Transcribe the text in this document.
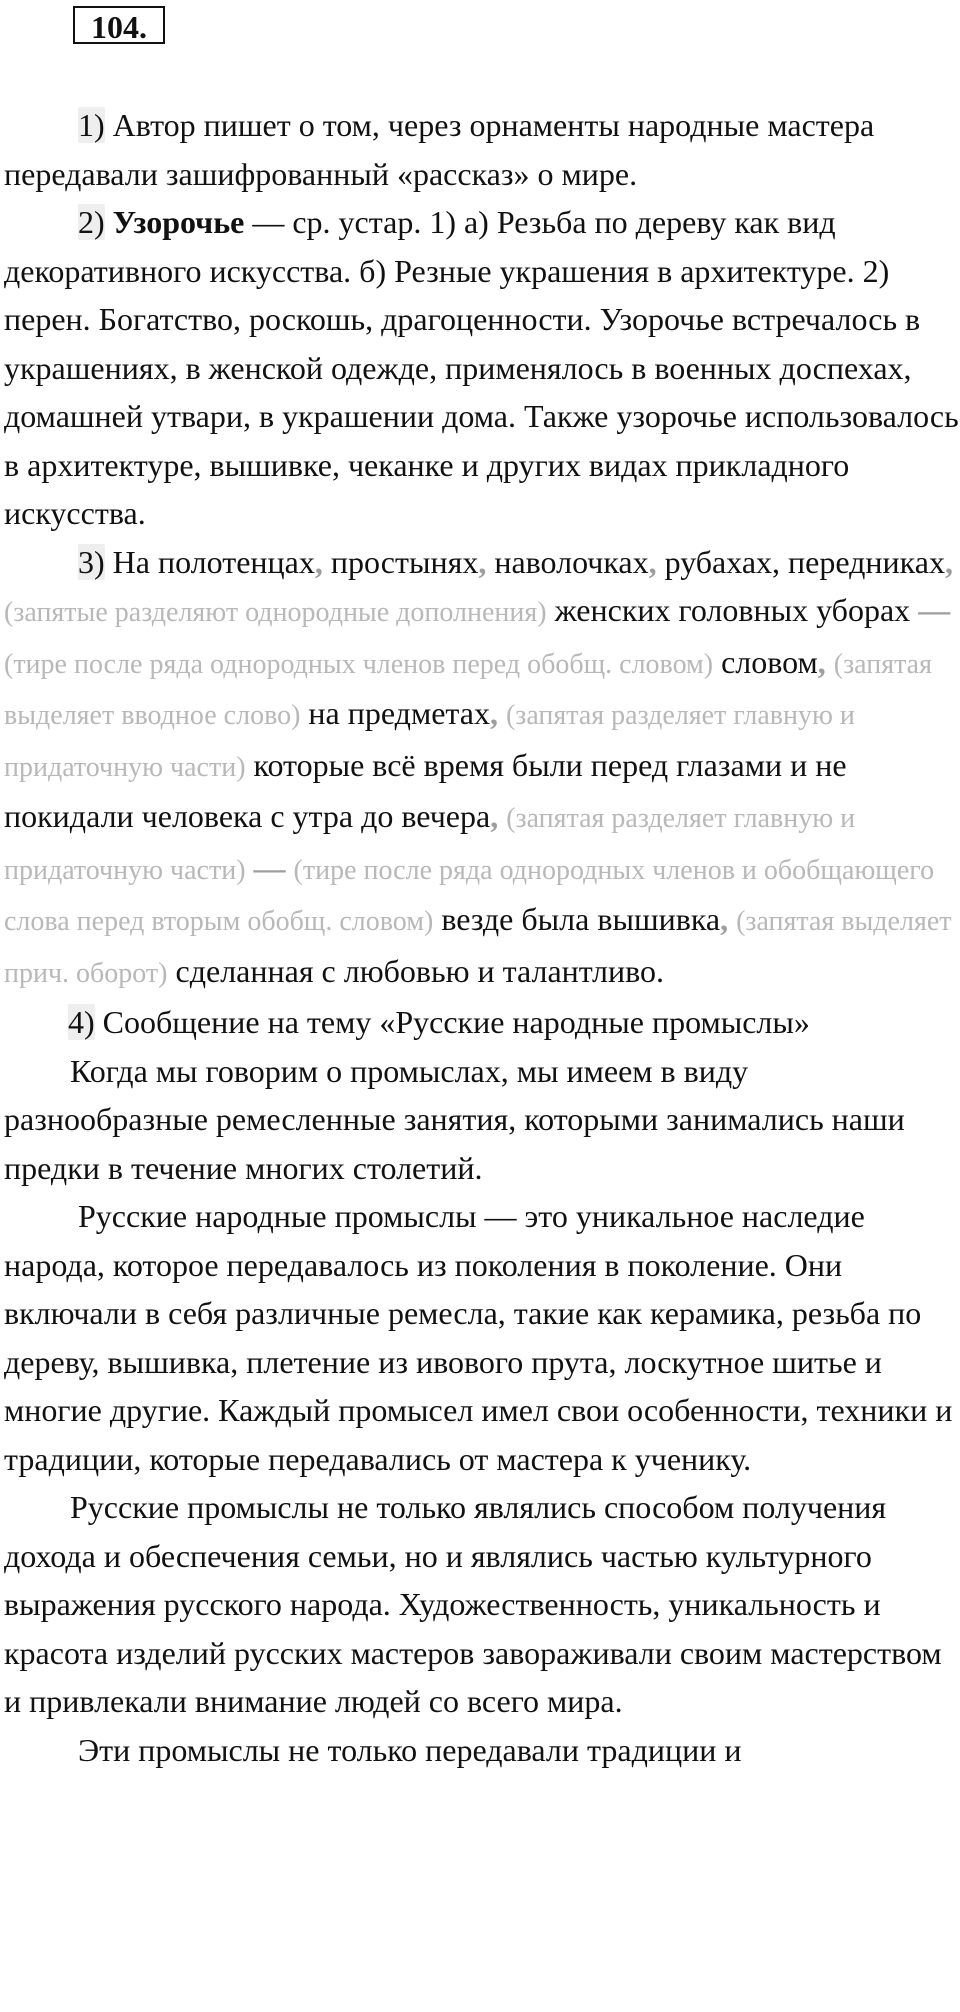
104.

1) Автор пишет о том, через орнаменты народные мастера передавали зашифрованный «рассказ» о мире.

2) Узорочье — ср. устар. 1) а) Резьба по дереву как вид декоративного искусства. б) Резные украшения в архитектуре. 2) перен. Богатство, роскошь, драгоценности. Узорочье встречалось в украшениях, в женской одежде, применялось в военных доспехах, домашней утвари, в украшении дома. Также узорочье использовалось в архитектуре, вышивке, чеканке и других видах прикладного искусства.

3) На полотенцах, простынях, наволочках, рубахах, передниках, (запятые разделяют однородные дополнения) женских головных уборах — (тире после ряда однородных членов перед обобщ. словом) словом, (запятая выделяет вводное слово) на предметах, (запятая разделяет главную и придаточную части) которые всё время были перед глазами и не покидали человека с утра до вечера, (запятая разделяет главную и придаточную части) — (тире после ряда однородных членов и обобщающего слова перед вторым обобщ. словом) везде была вышивка, (запятая выделяет прич. оборот) сделанная с любовью и талантливо.

4) Сообщение на тему «Русские народные промыслы»

Когда мы говорим о промыслах, мы имеем в виду разнообразные ремесленные занятия, которыми занимались наши предки в течение многих столетий.

Русские народные промыслы — это уникальное наследие народа, которое передавалось из поколения в поколение. Они включали в себя различные ремесла, такие как керамика, резьба по дереву, вышивка, плетение из ивового прута, лоскутное шитье и многие другие. Каждый промысел имел свои особенности, техники и традиции, которые передавались от мастера к ученику.

Русские промыслы не только являлись способом получения дохода и обеспечения семьи, но и являлись частью культурного выражения русского народа. Художественность, уникальность и красота изделий русских мастеров завораживали своим мастерством и привлекали внимание людей со всего мира.

Эти промыслы не только передавали традиции и
